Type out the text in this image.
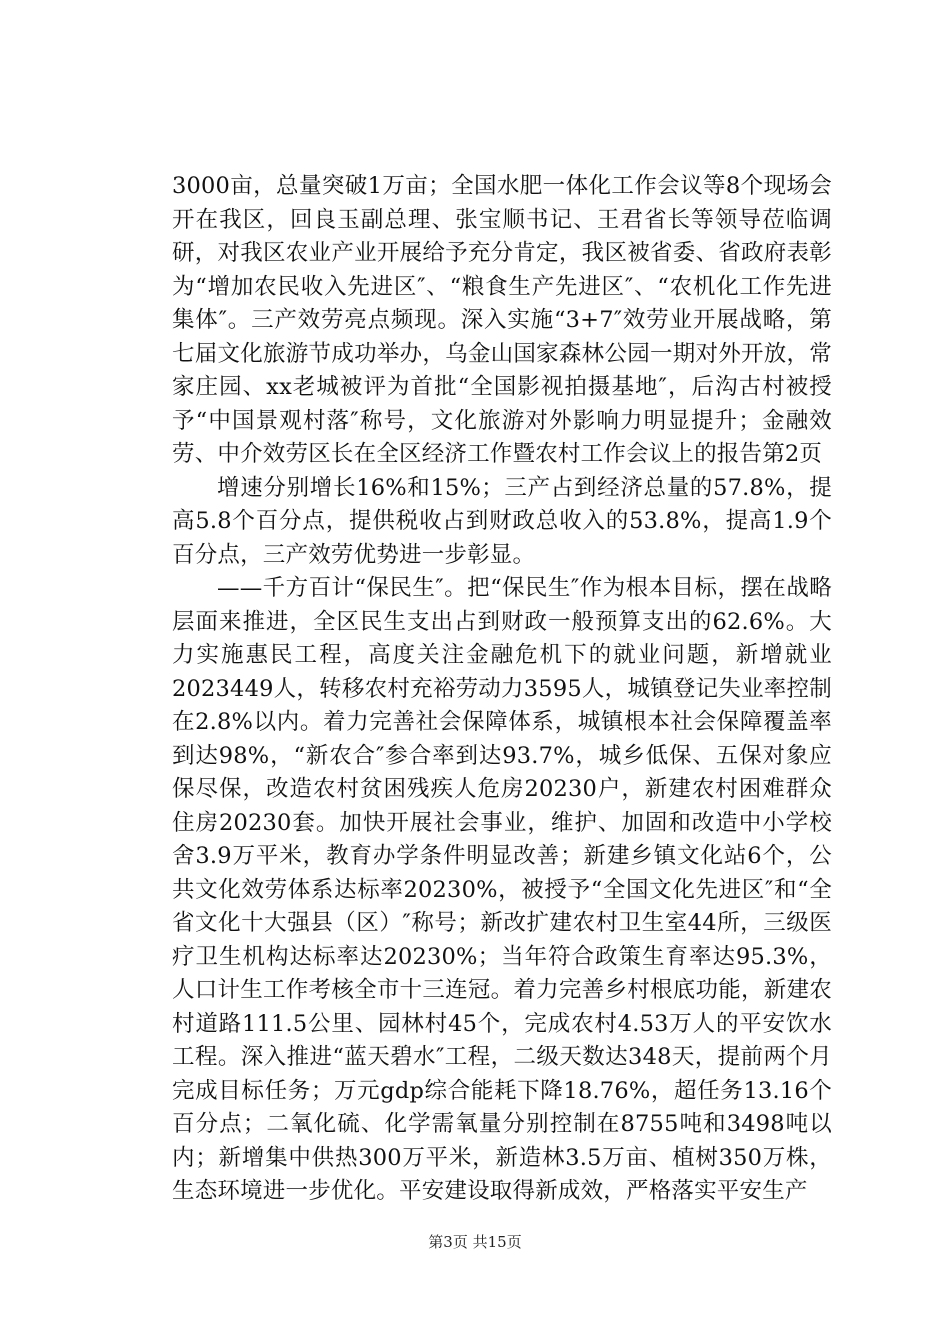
3000亩，总量突破1万亩；全国水肥一体化工作会议等8个现场会开在我区，回良玉副总理、张宝顺书记、王君省长等领导莅临调研，对我区农业产业开展给予充分肯定，我区被省委、省政府表彰为“增加农民收入先进区″、“粮食生产先进区″、“农机化工作先进集体″。三产效劳亮点频现。深入实施“3+7″效劳业开展战略，第七届文化旅游节成功举办，乌金山国家森林公园一期对外开放，常家庄园、xx老城被评为首批“全国影视拍摄基地″，后沟古村被授予“中国景观村落″称号，文化旅游对外影响力明显提升；金融效劳、中介效劳区长在全区经济工作暨农村工作会议上的报告第2页

增速分别增长16%和15%；三产占到经济总量的57.8%，提高5.8个百分点，提供税收占到财政总收入的53.8%，提高1.9个百分点，三产效劳优势进一步彰显。

——千方百计“保民生″。把“保民生″作为根本目标，摆在战略层面来推进，全区民生支出占到财政一般预算支出的62.6%。大力实施惠民工程，高度关注金融危机下的就业问题，新增就业2023449人，转移农村充裕劳动力3595人，城镇登记失业率控制在2.8%以内。着力完善社会保障体系，城镇根本社会保障覆盖率到达98%，“新农合″参合率到达93.7%，城乡低保、五保对象应保尽保，改造农村贫困残疾人危房20230户，新建农村困难群众住房20230套。加快开展社会事业，维护、加固和改造中小学校舍3.9万平米，教育办学条件明显改善；新建乡镇文化站6个，公共文化效劳体系达标率20230%，被授予“全国文化先进区″和“全省文化十大强县（区）″称号；新改扩建农村卫生室44所，三级医疗卫生机构达标率达20230%；当年符合政策生育率达95.3%，人口计生工作考核全市十三连冠。着力完善乡村根底功能，新建农村道路111.5公里、园林村45个，完成农村4.53万人的平安饮水工程。深入推进“蓝天碧水″工程，二级天数达348天，提前两个月完成目标任务；万元gdp综合能耗下降18.76%，超任务13.16个百分点；二氧化硫、化学需氧量分别控制在8755吨和3498吨以内；新增集中供热300万平米，新造林3.5万亩、植树350万株，生态环境进一步优化。平安建设取得新成效，严格落实平安生产

第3页 共15页
